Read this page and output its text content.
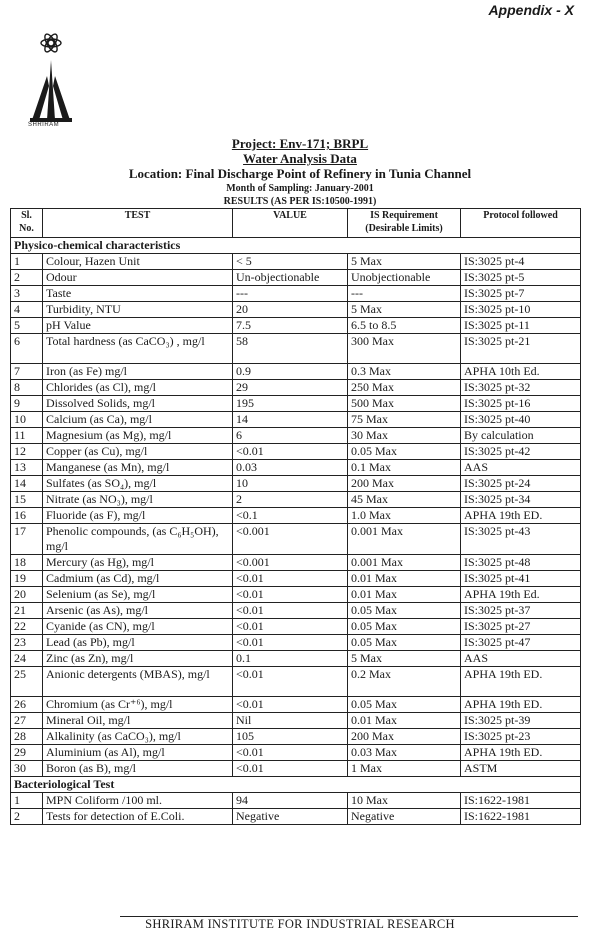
Appendix - X
SHRIRAM
Project: Env-171; BRPL
Water Analysis Data
Location: Final Discharge Point of Refinery in Tunia Channel
Month of Sampling: January-2001
RESULTS (AS PER IS:10500-1991)
Sl. No.	TEST	VALUE	IS Requirement (Desirable Limits)	Protocol followed
Physico-chemical characteristics				
1	Colour, Hazen Unit	< 5	5 Max	IS:3025 pt-4
2	Odour	Un-objectionable	Unobjectionable	IS:3025 pt-5
3	Taste	---	---	IS:3025 pt-7
4	Turbidity, NTU	20	5 Max	IS:3025 pt-10
5	pH Value	7.5	6.5 to 8.5	IS:3025 pt-11
6	Total hardness (as CaCO₃) , mg/l	58	300 Max	IS:3025 pt-21
7	Iron (as Fe) mg/l	0.9	0.3 Max	APHA 10th Ed.
8	Chlorides (as Cl), mg/l	29	250 Max	IS:3025 pt-32
9	Dissolved Solids, mg/l	195	500 Max	IS:3025 pt-16
10	Calcium (as Ca), mg/l	14	75 Max	IS:3025 pt-40
11	Magnesium (as Mg), mg/l	6	30 Max	By calculation
12	Copper (as Cu), mg/l	<0.01	0.05 Max	IS:3025 pt-42
13	Manganese (as Mn), mg/l	0.03	0.1 Max	AAS
14	Sulfates (as SO₄), mg/l	10	200 Max	IS:3025 pt-24
15	Nitrate (as NO₃), mg/l	2	45 Max	IS:3025 pt-34
16	Fluoride (as F), mg/l	<0.1	1.0 Max	APHA 19th ED.
17	Phenolic compounds, (as C₆H₅OH), mg/l	<0.001	0.001 Max	IS:3025 pt-43
18	Mercury (as Hg), mg/l	<0.001	0.001 Max	IS:3025 pt-48
19	Cadmium (as Cd), mg/l	<0.01	0.01 Max	IS:3025 pt-41
20	Selenium (as Se), mg/l	<0.01	0.01 Max	APHA 19th Ed.
21	Arsenic (as As), mg/l	<0.01	0.05 Max	IS:3025 pt-37
22	Cyanide (as CN), mg/l	<0.01	0.05 Max	IS:3025 pt-27
23	Lead (as Pb), mg/l	<0.01	0.05 Max	IS:3025 pt-47
24	Zinc (as Zn), mg/l	0.1	5 Max	AAS
25	Anionic detergents (MBAS), mg/l	<0.01	0.2 Max	APHA 19th ED.
26	Chromium (as Cr⁺⁶), mg/l	<0.01	0.05 Max	APHA 19th ED.
27	Mineral Oil, mg/l	Nil	0.01 Max	IS:3025 pt-39
28	Alkalinity (as CaCO₃), mg/l	105	200 Max	IS:3025 pt-23
29	Aluminium (as Al), mg/l	<0.01	0.03 Max	APHA 19th ED.
30	Boron (as B), mg/l	<0.01	1 Max	ASTM
Bacteriological Test				
1	MPN Coliform /100 ml.	94	10 Max	IS:1622-1981
2	Tests for detection of E.Coli.	Negative	Negative	IS:1622-1981
SHRIRAM INSTITUTE FOR INDUSTRIAL RESEARCH
